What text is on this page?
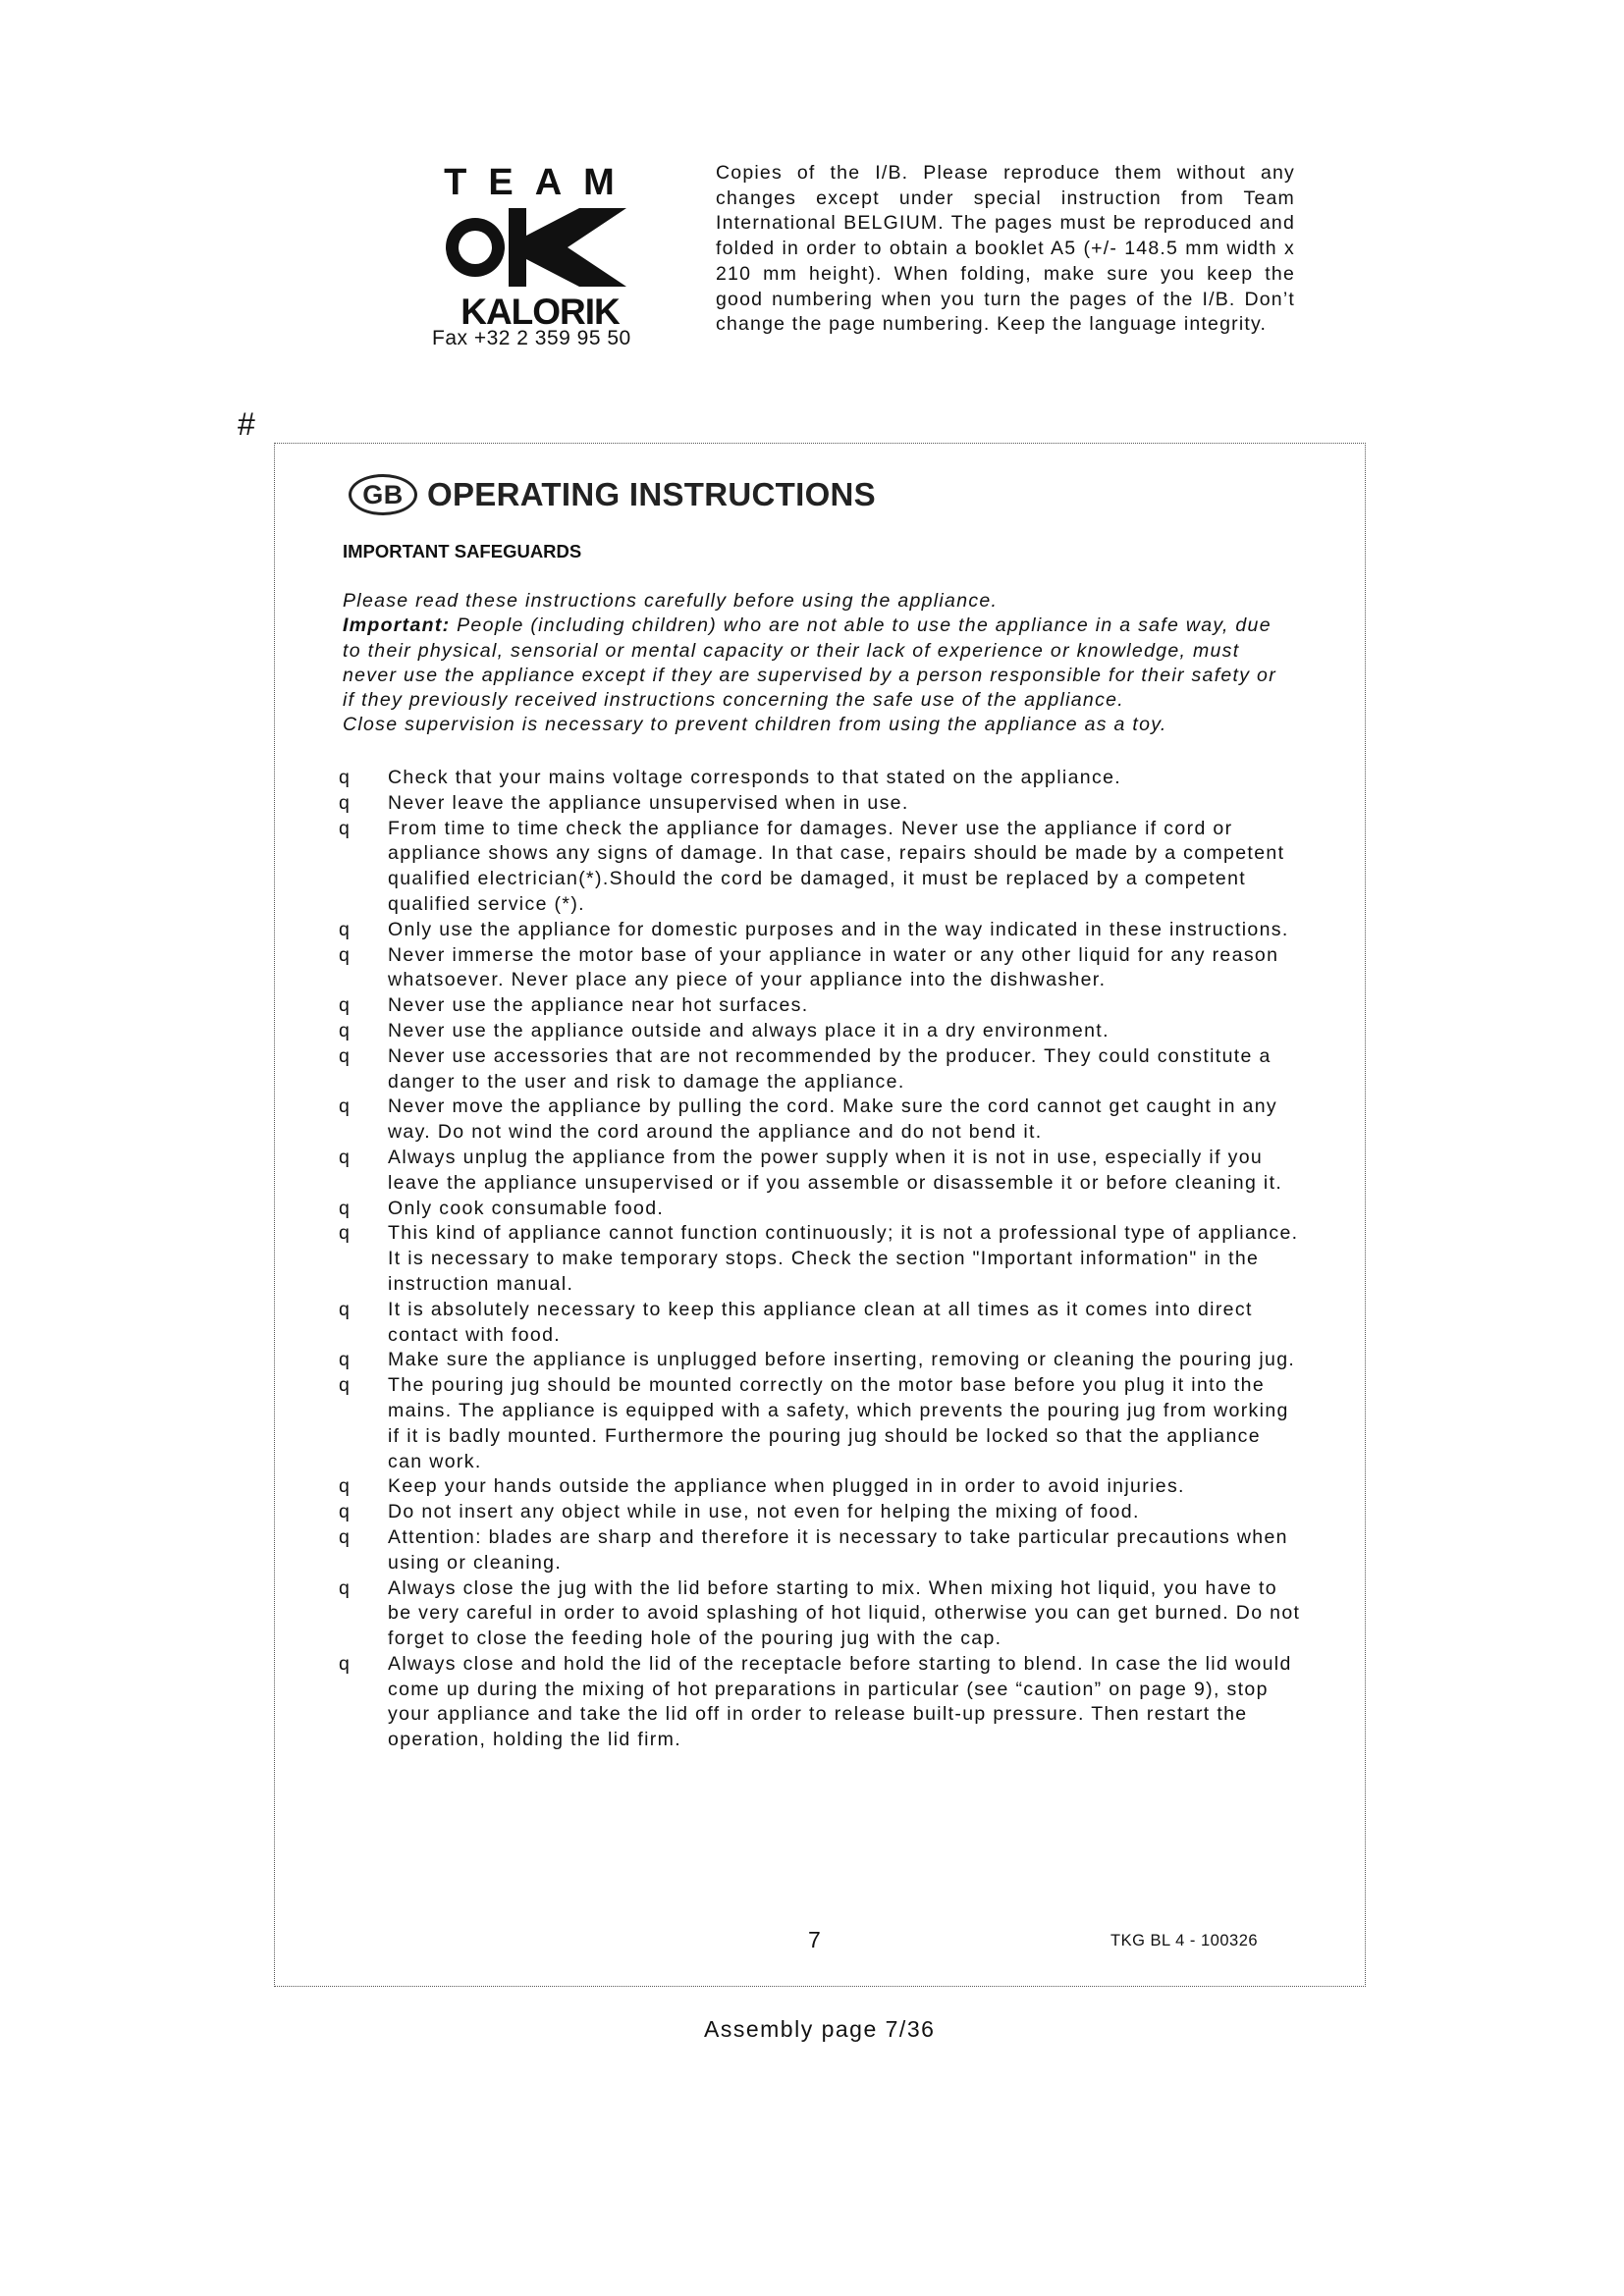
TEAM
KALORIK
Fax +32 2 359 95 50
Copies of the I/B. Please reproduce them without any changes except under special instruction from Team International BELGIUM. The pages must be reproduced and folded in order to obtain a booklet A5 (+/- 148.5 mm width x 210 mm height). When folding, make sure you keep the good numbering when you turn the pages of the I/B. Don’t change the page numbering. Keep the language integrity.
#
GB OPERATING INSTRUCTIONS
IMPORTANT SAFEGUARDS

Please read these instructions carefully before using the appliance.

Important: People (including children) who are not able to use the appliance in a safe way, due to their physical, sensorial or mental capacity or their lack of experience or knowledge, must never use the appliance except if they are supervised by a person responsible for their safety or if they previously received instructions concerning the safe use of the appliance.

Close supervision is necessary to prevent children from using the appliance as a toy.

q Check that your mains voltage corresponds to that stated on the appliance.
q Never leave the appliance unsupervised when in use.
q From time to time check the appliance for damages. Never use the appliance if cord or appliance shows any signs of damage. In that case, repairs should be made by a competent qualified electrician(*).Should the cord be damaged, it must be replaced by a competent qualified service (*).
q Only use the appliance for domestic purposes and in the way indicated in these instructions.
q Never immerse the motor base of your appliance in water or any other liquid for any reason whatsoever. Never place any piece of your appliance into the dishwasher.
q Never use the appliance near hot surfaces.
q Never use the appliance outside and always place it in a dry environment.
q Never use accessories that are not recommended by the producer. They could constitute a danger to the user and risk to damage the appliance.
q Never move the appliance by pulling the cord. Make sure the cord cannot get caught in any way. Do not wind the cord around the appliance and do not bend it.
q Always unplug the appliance from the power supply when it is not in use, especially if you leave the appliance unsupervised or if you assemble or disassemble it or before cleaning it.
q Only cook consumable food.
q This kind of appliance cannot function continuously; it is not a professional type of appliance. It is necessary to make temporary stops. Check the section "Important information" in the instruction manual.
q It is absolutely necessary to keep this appliance clean at all times as it comes into direct contact with food.
q Make sure the appliance is unplugged before inserting, removing or cleaning the pouring jug.
q The pouring jug should be mounted correctly on the motor base before you plug it into the mains. The appliance is equipped with a safety, which prevents the pouring jug from working if it is badly mounted. Furthermore the pouring jug should be locked so that the appliance can work.
q Keep your hands outside the appliance when plugged in in order to avoid injuries.
q Do not insert any object while in use, not even for helping the mixing of food.
q Attention: blades are sharp and therefore it is necessary to take particular precautions when using or cleaning.
q Always close the jug with the lid before starting to mix. When mixing hot liquid, you have to be very careful in order to avoid splashing of hot liquid, otherwise you can get burned. Do not forget to close the feeding hole of the pouring jug with the cap.
q Always close and hold the lid of the receptacle before starting to blend. In case the lid would come up during the mixing of hot preparations in particular (see “caution” on page 9), stop your appliance and take the lid off in order to release built-up pressure. Then restart the operation, holding the lid firm.
7	TKG BL 4 - 100326
Assembly page 7/36
